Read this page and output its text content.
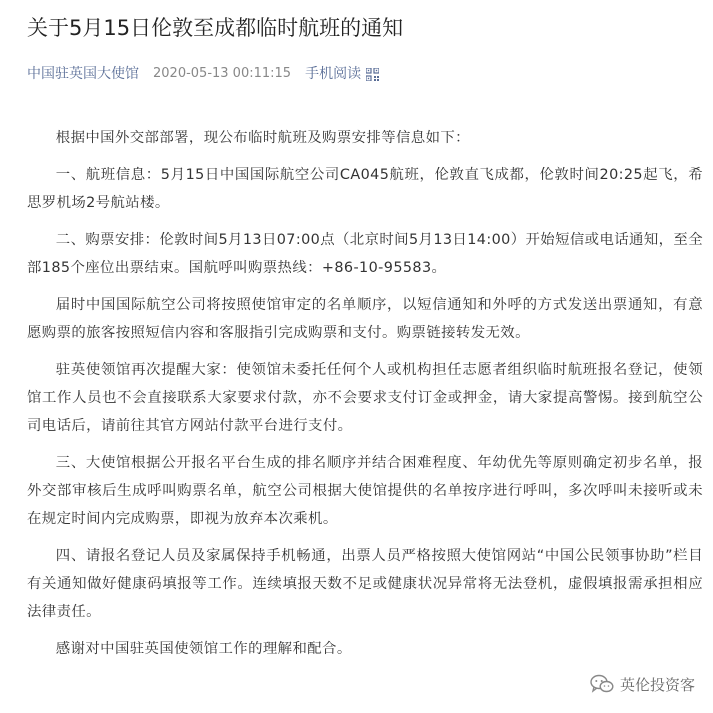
关于5月15日伦敦至成都临时航班的通知
中国驻英国大使馆 2020-05-13 00:11:15 手机阅读

根据中国外交部部署，现公布临时航班及购票安排等信息如下：

一、航班信息：5月15日中国国际航空公司CA045航班，伦敦直飞成都，伦敦时间20:25起飞，希思罗机场2号航站楼。

二、购票安排：伦敦时间5月13日07:00点（北京时间5月13日14:00）开始短信或电话通知，至全部185个座位出票结束。国航呼叫购票热线：+86-10-95583。

届时中国国际航空公司将按照使馆审定的名单顺序，以短信通知和外呼的方式发送出票通知，有意愿购票的旅客按照短信内容和客服指引完成购票和支付。购票链接转发无效。

驻英使领馆再次提醒大家：使领馆未委托任何个人或机构担任志愿者组织临时航班报名登记，使领馆工作人员也不会直接联系大家要求付款，亦不会要求支付订金或押金，请大家提高警惕。接到航空公司电话后，请前往其官方网站付款平台进行支付。

三、大使馆根据公开报名平台生成的排名顺序并结合困难程度、年幼优先等原则确定初步名单，报外交部审核后生成呼叫购票名单，航空公司根据大使馆提供的名单按序进行呼叫，多次呼叫未接听或未在规定时间内完成购票，即视为放弃本次乘机。

四、请报名登记人员及家属保持手机畅通，出票人员严格按照大使馆网站“中国公民领事协助”栏目有关通知做好健康码填报等工作。连续填报天数不足或健康状况异常将无法登机，虚假填报需承担相应法律责任。

感谢对中国驻英国使领馆工作的理解和配合。

英伦投资客
